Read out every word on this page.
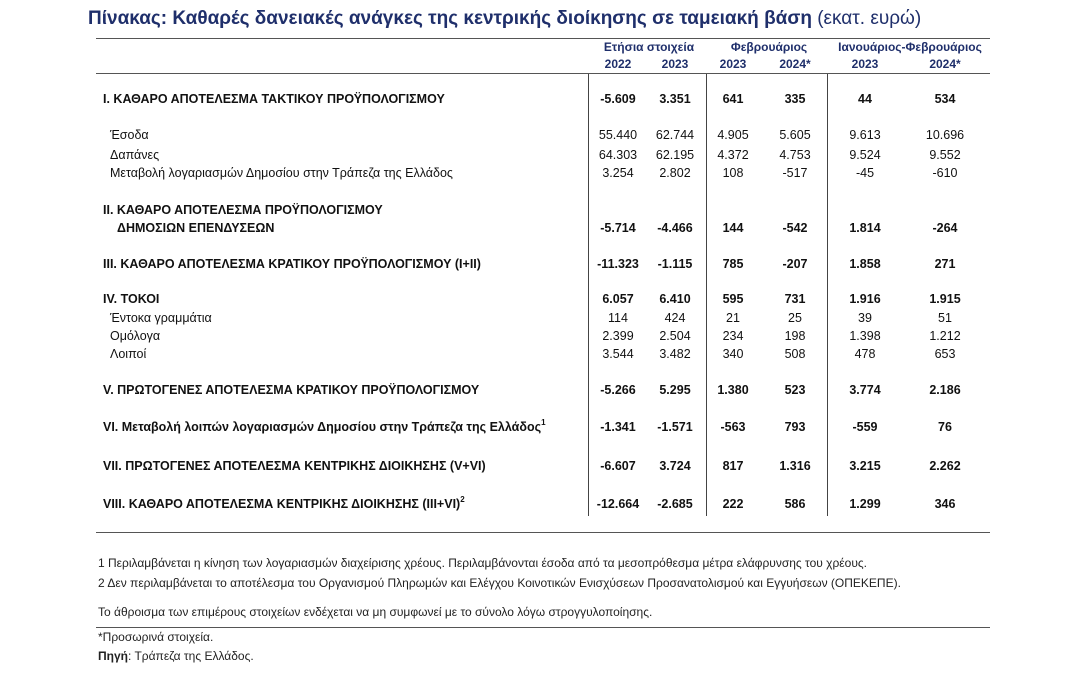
Πίνακας: Καθαρές δανειακές ανάγκες της κεντρικής διοίκησης σε ταμειακή βάση (εκατ. ευρώ)
Ετήσια στοιχεία	Φεβρουάριος	Ιανουάριος-Φεβρουάριος
2022	2023	2023	2024*	2023	2024*
Ι. ΚΑΘΑΡΟ ΑΠΟΤΕΛΕΣΜΑ ΤΑΚΤΙΚΟΥ ΠΡΟΫΠΟΛΟΓΙΣΜΟΥ	-5.609	3.351	641	335	44	534
Έσοδα	55.440	62.744	4.905	5.605	9.613	10.696
Δαπάνες	64.303	62.195	4.372	4.753	9.524	9.552
Μεταβολή λογαριασμών Δημοσίου στην Τράπεζα της Ελλάδος	3.254	2.802	108	-517	-45	-610
ΙΙ. ΚΑΘΑΡΟ ΑΠΟΤΕΛΕΣΜΑ ΠΡΟΫΠΟΛΟΓΙΣΜΟΥ
ΔΗΜΟΣΙΩΝ ΕΠΕΝΔΥΣΕΩΝ	-5.714	-4.466	144	-542	1.814	-264
ΙΙΙ. ΚΑΘΑΡΟ ΑΠΟΤΕΛΕΣΜΑ ΚΡΑΤΙΚΟΥ ΠΡΟΫΠΟΛΟΓΙΣΜΟΥ (Ι+ΙΙ)	-11.323	-1.115	785	-207	1.858	271
ΙV. ΤΟΚΟΙ	6.057	6.410	595	731	1.916	1.915
Έντοκα γραμμάτια	114	424	21	25	39	51
Ομόλογα	2.399	2.504	234	198	1.398	1.212
Λοιποί	3.544	3.482	340	508	478	653
V. ΠΡΩΤΟΓΕΝΕΣ ΑΠΟΤΕΛΕΣΜΑ ΚΡΑΤΙΚΟΥ ΠΡΟΫΠΟΛΟΓΙΣΜΟΥ	-5.266	5.295	1.380	523	3.774	2.186
VΙ. Μεταβολή λοιπών λογαριασμών Δημοσίου στην Τράπεζα της Ελλάδος$^1$	-1.341	-1.571	-563	793	-559	76
VΙΙ. ΠΡΩΤΟΓΕΝΕΣ ΑΠΟΤΕΛΕΣΜΑ ΚΕΝΤΡΙΚΗΣ ΔΙΟΙΚΗΣΗΣ (V+VI)	-6.607	3.724	817	1.316	3.215	2.262
VΙΙΙ. ΚΑΘΑΡΟ ΑΠΟΤΕΛΕΣΜΑ ΚΕΝΤΡΙΚΗΣ ΔΙΟΙΚΗΣΗΣ $(III+VI)^2$	-12.664	-2.685	222	586	1.299	346
1 Περιλαμβάνεται η κίνηση των λογαριασμών διαχείρισης χρέους. Περιλαμβάνονται έσοδα από τα μεσοπρόθεσμα μέτρα ελάφρυνσης του χρέους.
2 Δεν περιλαμβάνεται το αποτέλεσμα του Οργανισμού Πληρωμών και Ελέγχου Κοινοτικών Ενισχύσεων Προσανατολισμού και Εγγυήσεων (ΟΠΕΚΕΠΕ).
Το άθροισμα των επιμέρους στοιχείων ενδέχεται να μη συμφωνεί με το σύνολο λόγω στρογγυλοποίησης.
*Προσωρινά στοιχεία.
Πηγή: Τράπεζα της Ελλάδος.
